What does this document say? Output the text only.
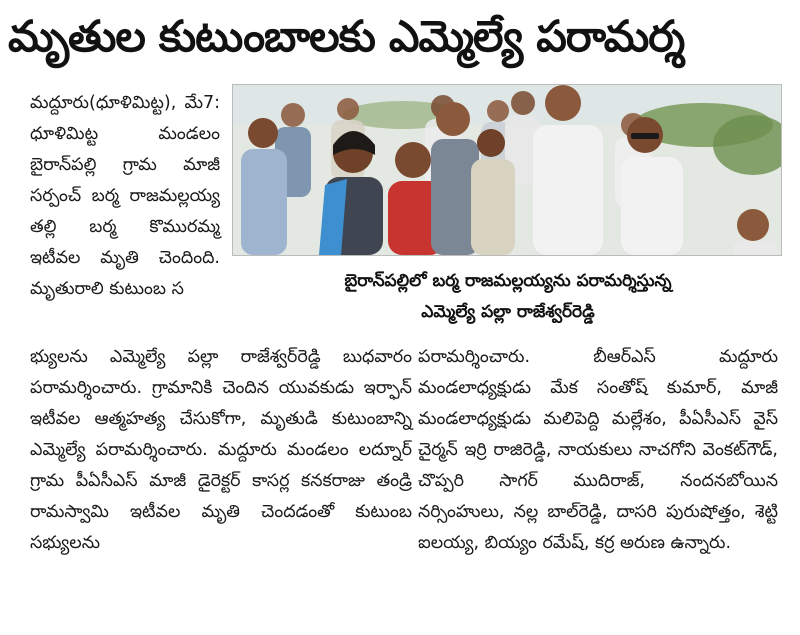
మృతుల కుటుంబాలకు ఎమ్మెల్యే పరామర్శ

మద్దూరు(ధూళిమిట్ట), మే7: ధూళిమిట్ట మండలం బైరాన్‌పల్లి గ్రామ మాజీ సర్పంచ్ బర్మ రాజమల్లయ్య తల్లి బర్మ కొమురమ్మ ఇటీవల మృతి చెందింది. మృతురాలి కుటుంబ స	బైరాన్‌పల్లిలో బర్మ రాజమల్లయ్యను పరామర్శిస్తున్న
ఎమ్మెల్యే పల్లా రాజేశ్వర్‌రెడ్డి

భ్యులను ఎమ్మెల్యే పల్లా రాజేశ్వర్‌రెడ్డి బుధవారం పరామర్శించారు. గ్రామానికి చెందిన యువకుడు ఇర్ఫాన్ ఇటీవల ఆత్మహత్య చేసుకోగా, మృతుడి కుటుంబాన్ని ఎమ్మెల్యే పరామర్శించారు. మద్దూరు మండలం లద్నూర్ గ్రామ పీఏసీఎస్ మాజీ డైరెక్టర్ కాసర్ల కనకరాజు తండ్రి రామస్వామి ఇటీవల మృతి చెందడంతో కుటుంబ సభ్యులను

పరామర్శించారు. బీఆర్ఎస్ మద్దూరు మండలాధ్యక్షుడు మేక సంతోష్ కుమార్, మాజీ మండలాధ్యక్షుడు మలిపెద్ది మల్లేశం, పీఏసీఎస్ వైస్ చైర్మన్ ఇర్రి రాజిరెడ్డి, నాయకులు నాచగోని వెంకట్‌గౌడ్, చొప్పరి సాగర్ ముదిరాజ్, నందనబోయిన నర్సింహులు, నల్ల బాల్‌రెడ్డి, దాసరి పురుషోత్తం, శెట్టి ఐలయ్య, బియ్యం రమేష్, కర్ర అరుణ ఉన్నారు.
